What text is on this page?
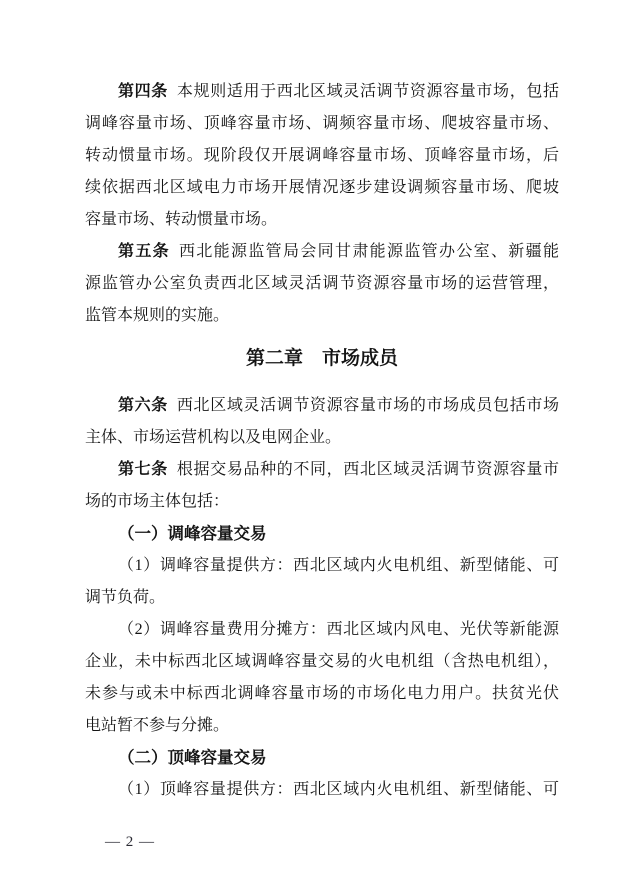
第四条 本规则适用于西北区域灵活调节资源容量市场，包括
调峰容量市场、顶峰容量市场、调频容量市场、爬坡容量市场、
转动惯量市场。现阶段仅开展调峰容量市场、顶峰容量市场，后
续依据西北区域电力市场开展情况逐步建设调频容量市场、爬坡
容量市场、转动惯量市场。
第五条 西北能源监管局会同甘肃能源监管办公室、新疆能
源监管办公室负责西北区域灵活调节资源容量市场的运营管理，
监管本规则的实施。
第二章　市场成员
第六条 西北区域灵活调节资源容量市场的市场成员包括市场
主体、市场运营机构以及电网企业。
第七条 根据交易品种的不同，西北区域灵活调节资源容量市
场的市场主体包括：
（一）调峰容量交易
（1）调峰容量提供方：西北区域内火电机组、新型储能、可
调节负荷。
（2）调峰容量费用分摊方：西北区域内风电、光伏等新能源
企业，未中标西北区域调峰容量交易的火电机组（含热电机组），
未参与或未中标西北调峰容量市场的市场化电力用户。扶贫光伏
电站暂不参与分摊。
（二）顶峰容量交易
（1）顶峰容量提供方：西北区域内火电机组、新型储能、可
— 2 —
